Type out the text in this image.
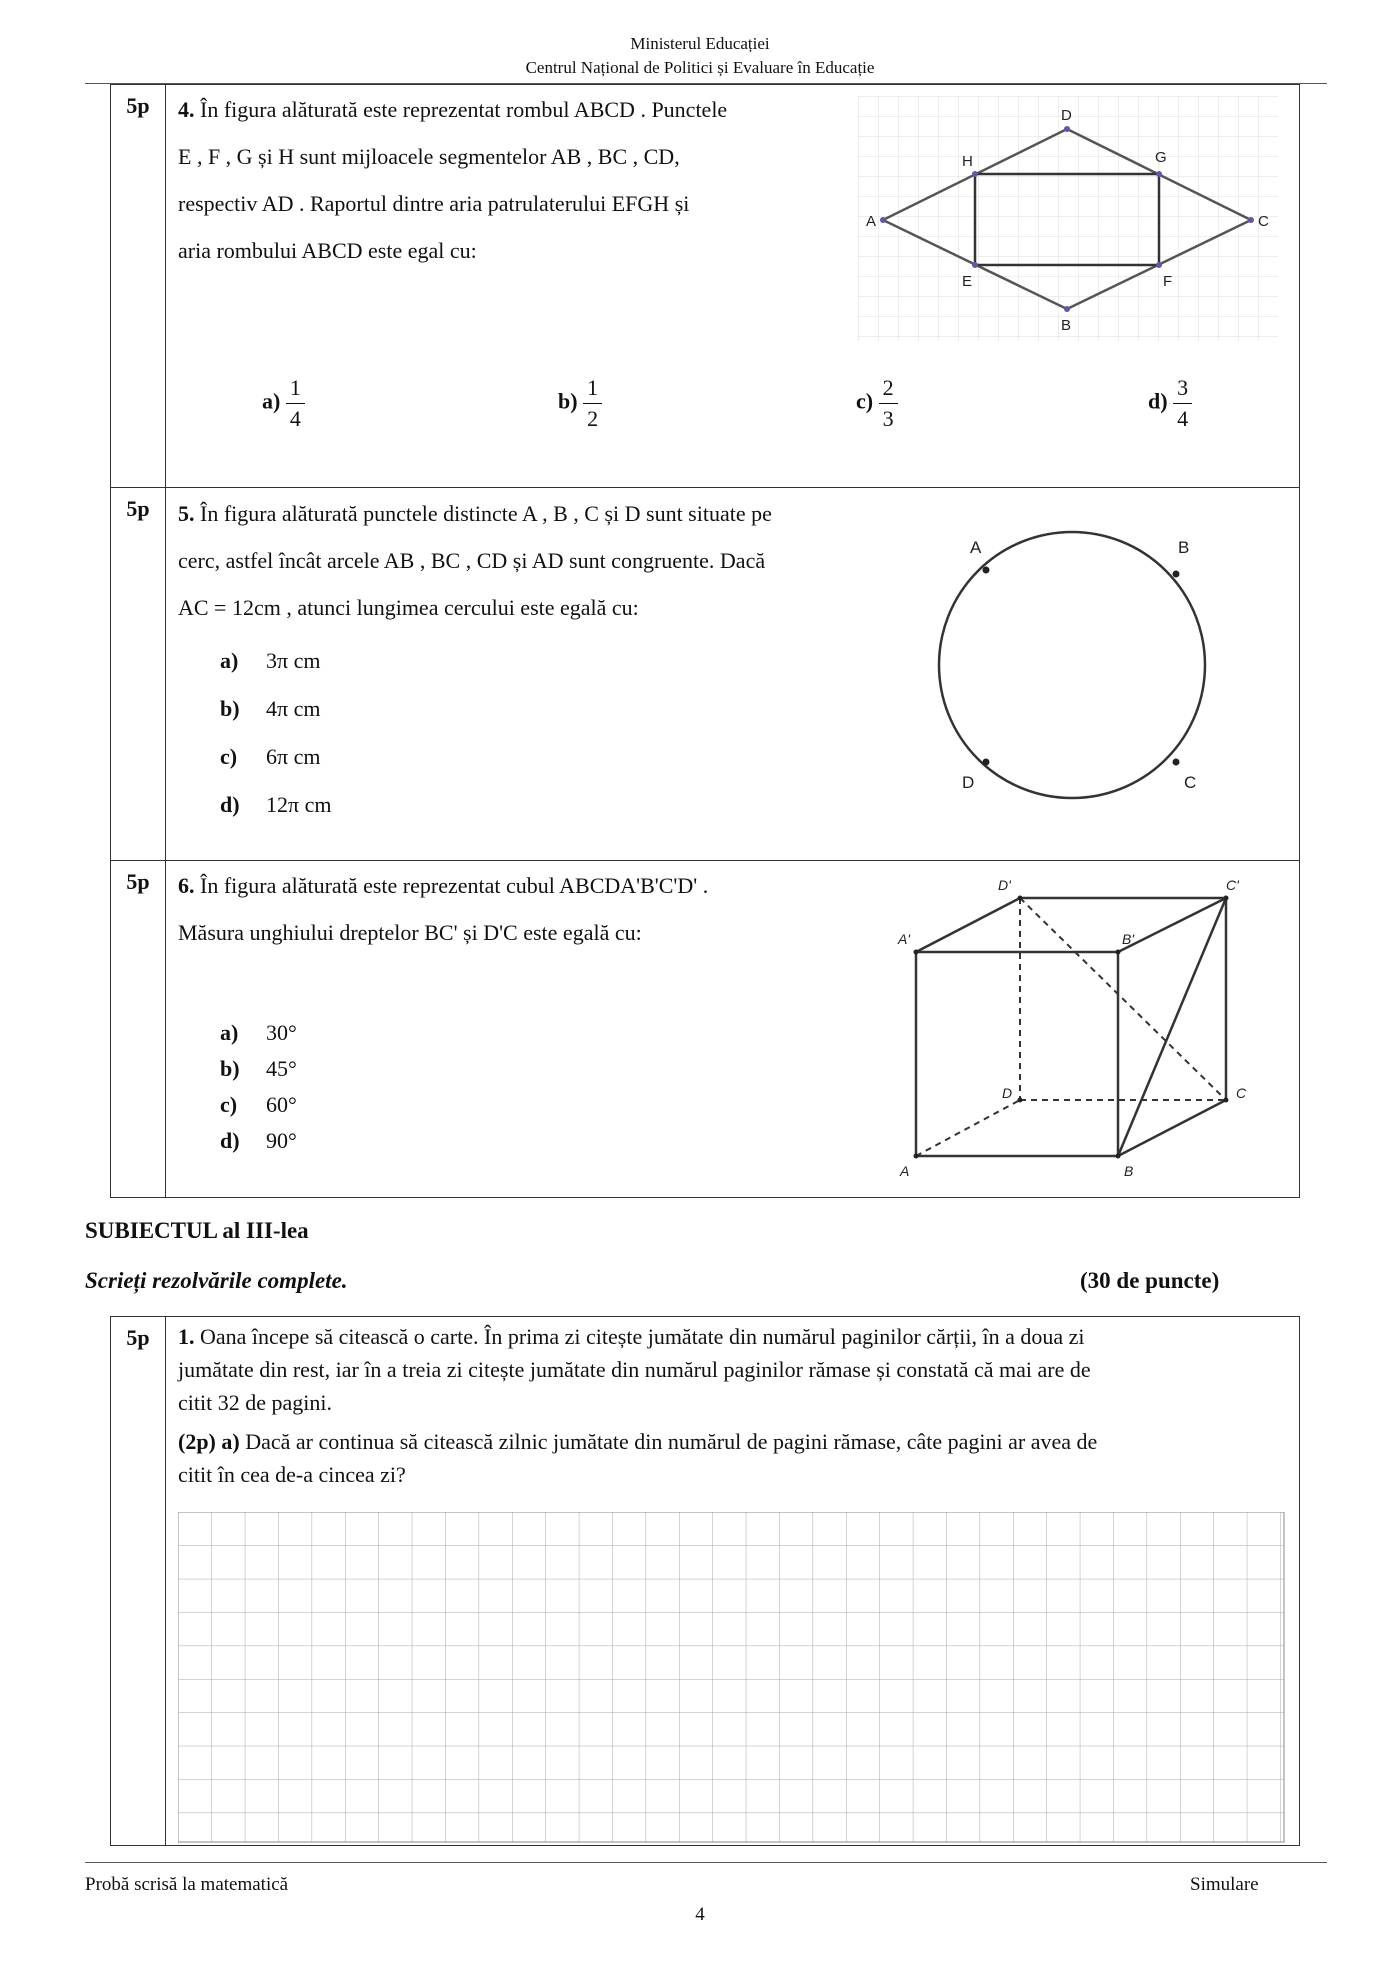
Ministerul Educației
Centrul Național de Politici și Evaluare în Educație
5p	4. În figura alăturată este reprezentat rombul ABCD . Punctele
E , F , G și H sunt mijloacele segmentelor AB , BC , CD,
respectiv AD . Raportul dintre aria patrulaterului EFGH și
aria rombului ABCD este egal cu:
D
C
B
A
H	G
E	F
$a) \frac{1}{4}$	$b) \frac{1}{2}$	$c) \frac{2}{3}$	$d) \frac{3}{4}$
5p	5. În figura alăturată punctele distincte A , B , C și D sunt situate pe
cerc, astfel încât arcele AB , BC , CD și AD sunt congruente. Dacă
AC = 12cm , atunci lungimea cercului este egală cu:
a) 3π cm
b) 4π cm
c) 6π cm
d) 12π cm
A	B
D	C
5p	6. În figura alăturată este reprezentat cubul ABCDA'B'C'D' .
Măsura unghiului dreptelor BC' și D'C este egală cu:
a) 30°
b) 45°
c) 60°
d) 90°
D'	C'
A'	B'
D	C
A	B
SUBIECTUL al III-lea
Scrieți rezolvările complete.	(30 de puncte)
5p	1. Oana începe să citească o carte. În prima zi citește jumătate din numărul paginilor cărții, în a doua zi
jumătate din rest, iar în a treia zi citește jumătate din numărul paginilor rămase și constată că mai are de
citit 32 de pagini.
(2p) a) Dacă ar continua să citească zilnic jumătate din numărul de pagini rămase, câte pagini ar avea de
citit în cea de-a cincea zi?
Probă scrisă la matematică	Simulare
4
